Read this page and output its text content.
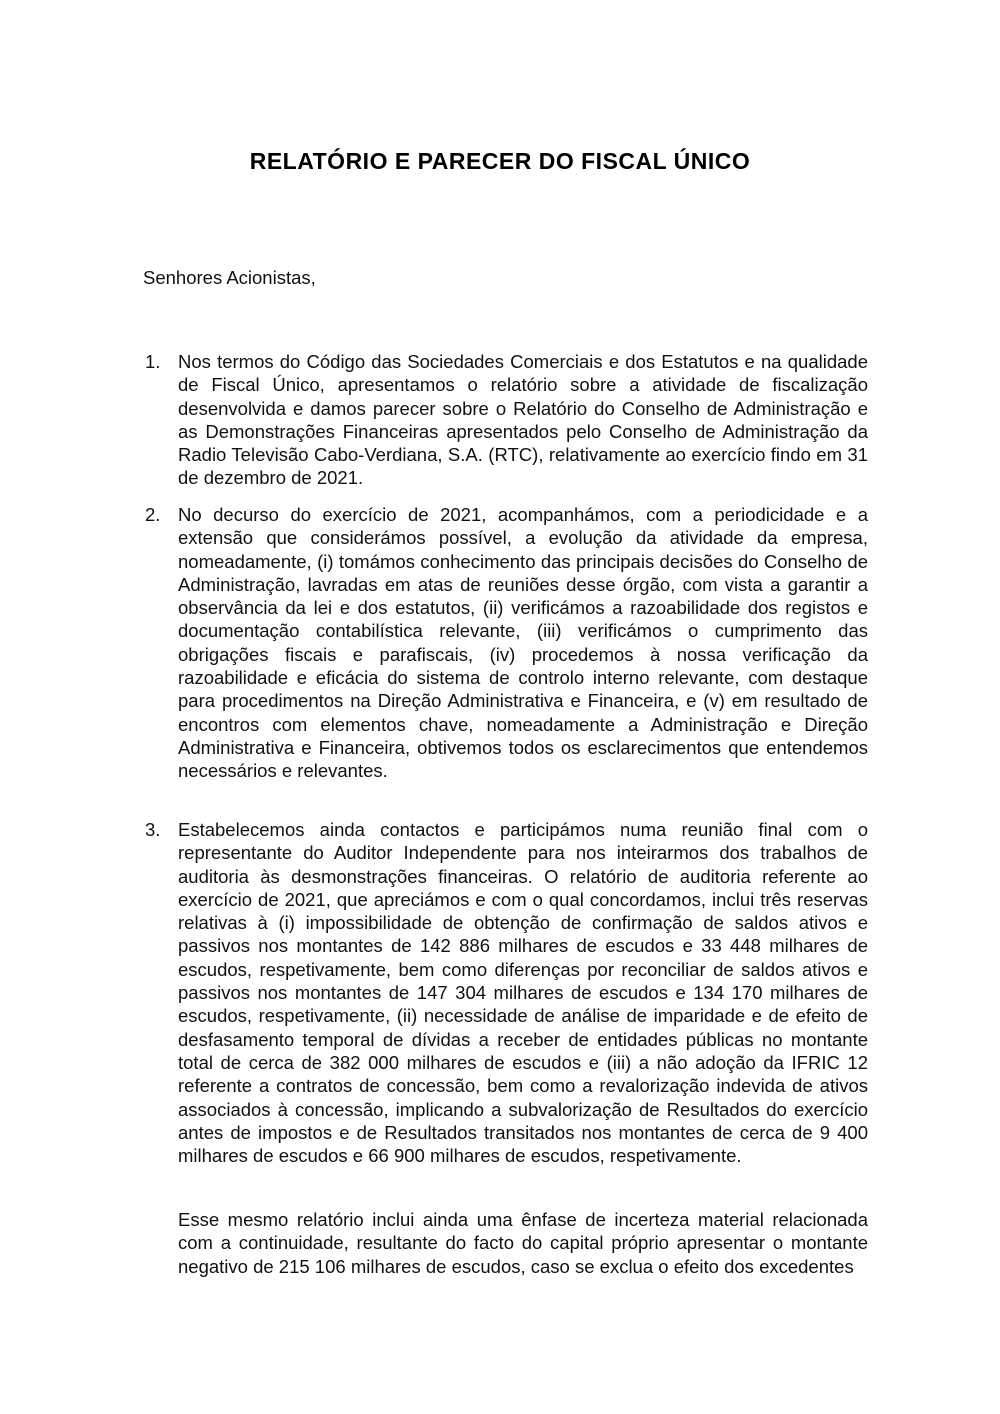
RELATÓRIO E PARECER DO FISCAL ÚNICO
Senhores Acionistas,
1. Nos termos do Código das Sociedades Comerciais e dos Estatutos e na qualidade de Fiscal Único, apresentamos o relatório sobre a atividade de fiscalização desenvolvida e damos parecer sobre o Relatório do Conselho de Administração e as Demonstrações Financeiras apresentados pelo Conselho de Administração da Radio Televisão Cabo-Verdiana, S.A. (RTC), relativamente ao exercício findo em 31 de dezembro de 2021.
2. No decurso do exercício de 2021, acompanhámos, com a periodicidade e a extensão que considerámos possível, a evolução da atividade da empresa, nomeadamente, (i) tomámos conhecimento das principais decisões do Conselho de Administração, lavradas em atas de reuniões desse órgão, com vista a garantir a observância da lei e dos estatutos, (ii) verificámos a razoabilidade dos registos e documentação contabilística relevante, (iii) verificámos o cumprimento das obrigações fiscais e parafiscais, (iv) procedemos à nossa verificação da razoabilidade e eficácia do sistema de controlo interno relevante, com destaque para procedimentos na Direção Administrativa e Financeira, e (v) em resultado de encontros com elementos chave, nomeadamente a Administração e Direção Administrativa e Financeira, obtivemos todos os esclarecimentos que entendemos necessários e relevantes.
3. Estabelecemos ainda contactos e participámos numa reunião final com o representante do Auditor Independente para nos inteirarmos dos trabalhos de auditoria às desmonstrações financeiras. O relatório de auditoria referente ao exercício de 2021, que apreciámos e com o qual concordamos, inclui três reservas relativas à (i) impossibilidade de obtenção de confirmação de saldos ativos e passivos nos montantes de 142 886 milhares de escudos e 33 448 milhares de escudos, respetivamente, bem como diferenças por reconciliar de saldos ativos e passivos nos montantes de 147 304 milhares de escudos e 134 170 milhares de escudos, respetivamente, (ii) necessidade de análise de imparidade e de efeito de desfasamento temporal de dívidas a receber de entidades públicas no montante total de cerca de 382 000 milhares de escudos e (iii) a não adoção da IFRIC 12 referente a contratos de concessão, bem como a revalorização indevida de ativos associados à concessão, implicando a subvalorização de Resultados do exercício antes de impostos e de Resultados transitados nos montantes de cerca de 9 400 milhares de escudos e 66 900 milhares de escudos, respetivamente.
Esse mesmo relatório inclui ainda uma ênfase de incerteza material relacionada com a continuidade, resultante do facto do capital próprio apresentar o montante negativo de 215 106 milhares de escudos, caso se exclua o efeito dos excedentes
